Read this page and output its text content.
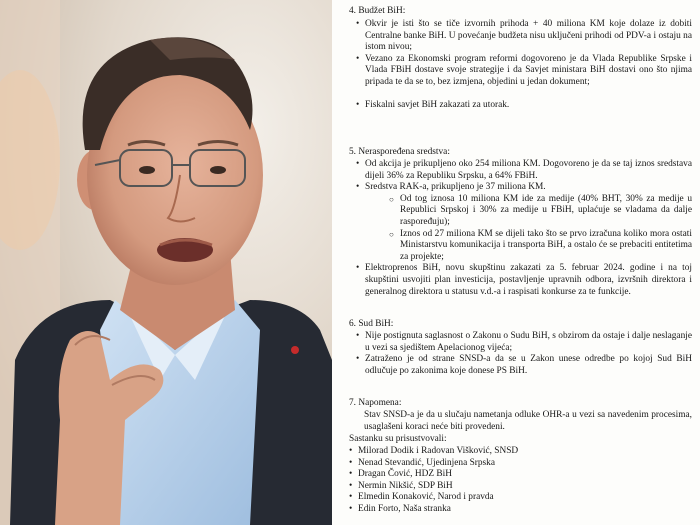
4. Budžet BiH:
• Okvir je isti što se tiče izvornih prihoda + 40 miliona KM koje dolaze iz dobiti Centralne banke BiH. U povećanje budžeta nisu uključeni prihodi od PDV-a i ostaju na istom nivou;
• Vezano za Ekonomski program reformi dogovoreno je da Vlada Republike Srpske i Vlada FBiH dostave svoje strategije i da Savjet ministara BiH dostavi ono što njima pripada te da se to, bez izmjena, objedini u jedan dokument;
• Fiskalni savjet BiH zakazati za utorak.
5. Neraspoređena sredstva:
• Od akcija je prikupljeno oko 254 miliona KM. Dogovoreno je da se taj iznos sredstava dijeli 36% za Republiku Srpsku, a 64% FBiH.
• Sredstva RAK-a, prikupljeno je 37 miliona KM.
○ Od tog iznosa 10 miliona KM ide za medije (40% BHT, 30% za medije u Republici Srpskoj i 30% za medije u FBiH, uplaćuje se vladama da dalje raspoređuju);
○ Iznos od 27 miliona KM se dijeli tako što se prvo izračuna koliko mora ostati Ministarstvu komunikacija i transporta BiH, a ostalo će se prebaciti entitetima za projekte;
• Elektroprenos BiH, novu skupštinu zakazati za 5. februar 2024. godine i na toj skupštini usvojiti plan investicija, postavljenje upravnih odbora, izvršnih direktora i generalnog direktora u statusu v.d.-a i raspisati konkurse za te funkcije.
6. Sud BiH:
• Nije postignuta saglasnost o Zakonu o Sudu BiH, s obzirom da ostaje i dalje neslaganje u vezi sa sjedištem Apelacionog vijeća;
• Zatraženo je od strane SNSD-a da se u Zakon unese odredbe po kojoj Sud BiH odlučuje po zakonima koje donese PS BiH.
7. Napomena:
Stav SNSD-a je da u slučaju nametanja odluke OHR-a u vezi sa navedenim procesima, usaglašeni koraci neće biti provedeni.
Sastanku su prisustvovali:
• Milorad Dodik i Radovan Višković, SNSD
• Nenad Stevandić, Ujedinjena Srpska
• Dragan Čović, HDZ BiH
• Nermin Nikšić, SDP BiH
• Elmedin Konaković, Narod i pravda
• Edin Forto, Naša stranka
